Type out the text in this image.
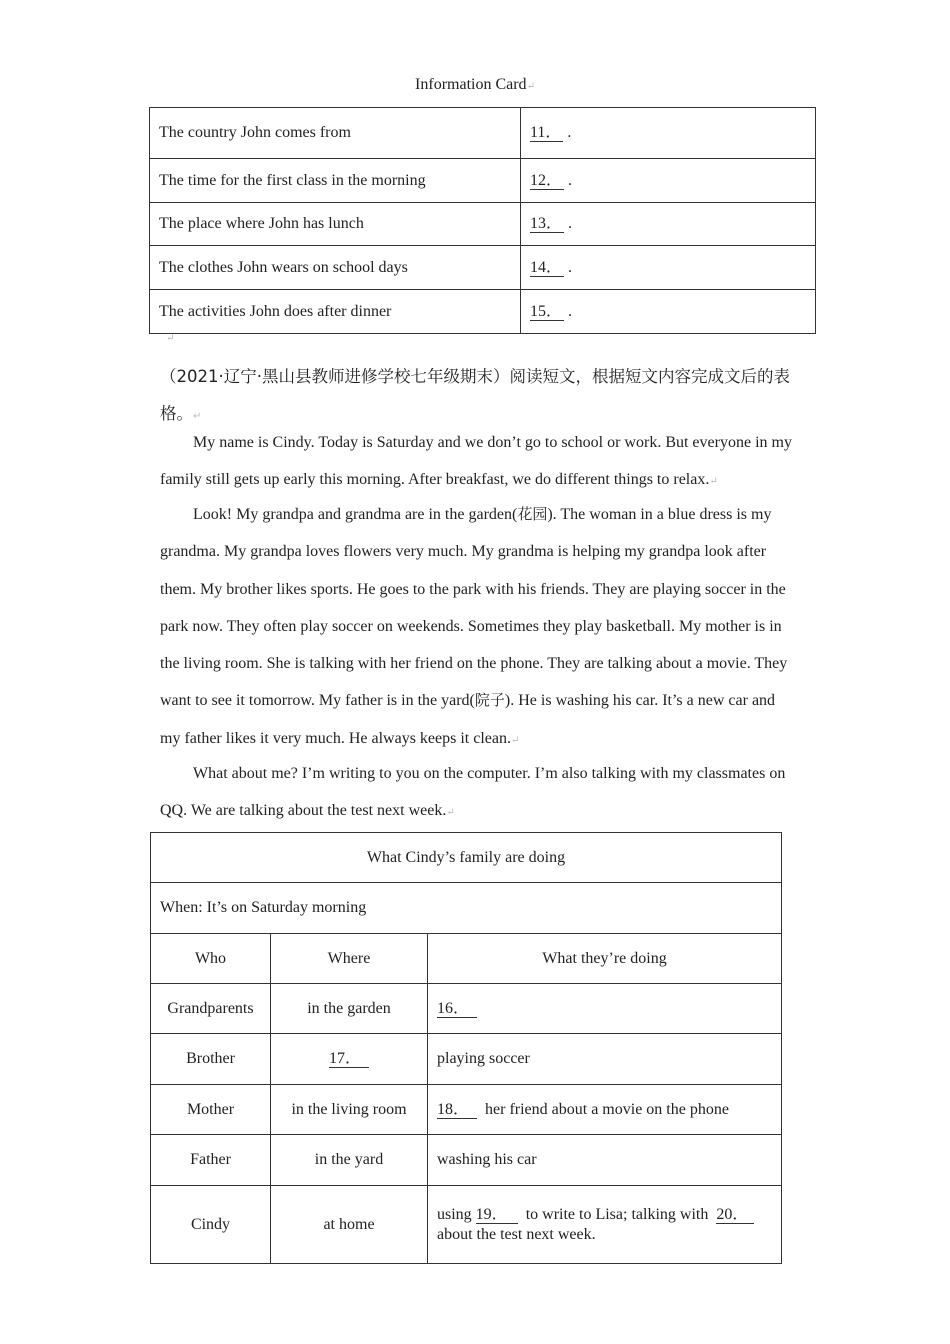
Information Card↵
The country John comes from	11． .
The time for the first class in the morning	12． .
The place where John has lunch	13． .
The clothes John wears on school days	14． .
The activities John does after dinner	15． .
↵
（2021·辽宁·黑山县教师进修学校七年级期末）阅读短文，根据短文内容完成文后的表格。↵
My name is Cindy. Today is Saturday and we don’t go to school or work. But everyone in my family still gets up early this morning. After breakfast, we do different things to relax.↵
Look! My grandpa and grandma are in the garden(花园). The woman in a blue dress is my grandma. My grandpa loves flowers very much. My grandma is helping my grandpa look after them. My brother likes sports. He goes to the park with his friends. They are playing soccer in the park now. They often play soccer on weekends. Sometimes they play basketball. My mother is in the living room. She is talking with her friend on the phone. They are talking about a movie. They want to see it tomorrow. My father is in the yard(院子). He is washing his car. It’s a new car and my father likes it very much. He always keeps it clean.↵
What about me? I’m writing to you on the computer. I’m also talking with my classmates on QQ. We are talking about the test next week.↵
What Cindy’s family are doing		
When: It’s on Saturday morning		
Who	Where	What they’re doing
Grandparents	in the garden	16．
Brother	17．	playing soccer
Mother	in the living room	18． her friend about a movie on the phone
Father	in the yard	washing his car
Cindy	at home	using 19． to write to Lisa; talking with 20．
about the test next week.
